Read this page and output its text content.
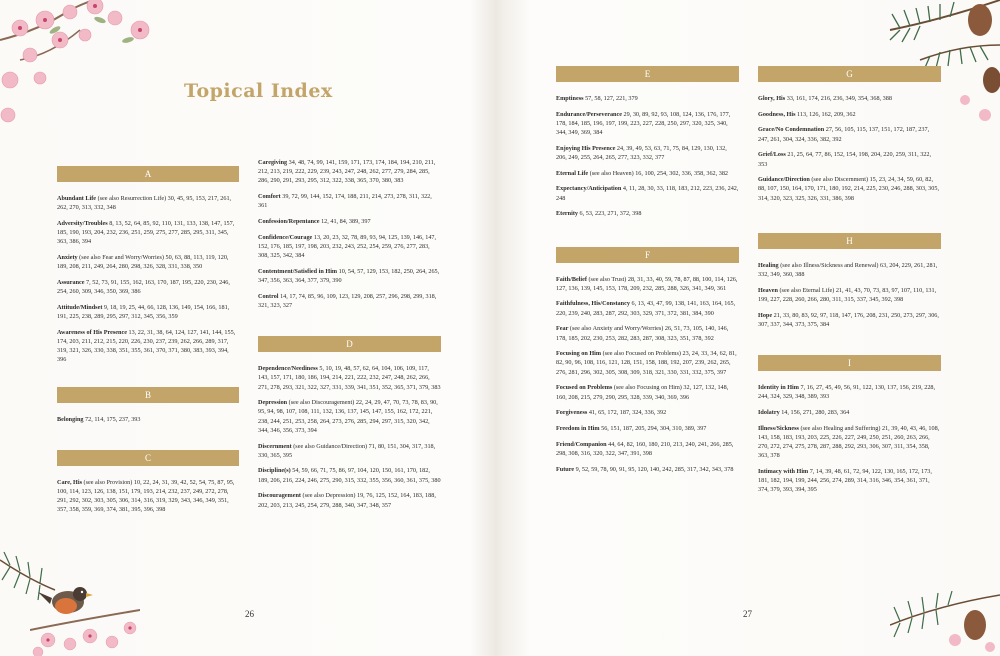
Topical Index
A

Abundant Life (see also Resurrection Life) 30, 45, 95, 153, 217, 261, 262, 270, 313, 332, 348

Adversity/Troubles 8, 13, 52, 64, 85, 92, 110, 131, 133, 138, 147, 157, 185, 190, 193, 204, 232, 236, 251, 259, 275, 277, 285, 295, 311, 345, 363, 386, 394

Anxiety (see also Fear and Worry/Worries) 50, 63, 88, 113, 119, 120, 189, 208, 211, 249, 264, 280, 298, 326, 328, 331, 338, 350

Assurance 7, 52, 73, 91, 155, 162, 163, 170, 187, 195, 220, 230, 246, 254, 260, 309, 346, 350, 369, 386

Attitude/Mindset 9, 18, 19, 25, 44, 66, 128, 136, 149, 154, 166, 181, 191, 225, 238, 289, 295, 297, 312, 345, 356, 359

Awareness of His Presence 13, 22, 31, 38, 64, 124, 127, 141, 144, 155, 174, 203, 211, 212, 215, 220, 226, 230, 237, 239, 262, 266, 289, 317, 319, 321, 326, 330, 338, 351, 355, 361, 370, 371, 380, 383, 393, 394, 396

B

Belonging 72, 114, 175, 237, 393

C

Care, His (see also Provision) 10, 22, 24, 31, 39, 42, 52, 54, 75, 87, 95, 100, 114, 123, 126, 138, 151, 179, 193, 214, 232, 237, 249, 272, 278, 291, 292, 302, 303, 305, 306, 314, 316, 319, 329, 343, 346, 349, 351, 357, 358, 359, 369, 374, 381, 395, 396, 398

Caregiving 34, 48, 74, 99, 141, 159, 171, 173, 174, 184, 194, 210, 211, 212, 213, 219, 222, 229, 239, 243, 247, 248, 262, 277, 279, 284, 285, 286, 290, 291, 293, 295, 312, 322, 338, 365, 370, 380, 383

Comfort 39, 72, 99, 144, 152, 174, 188, 211, 214, 273, 278, 311, 322, 361

Confession/Repentance 12, 41, 84, 389, 397

Confidence/Courage 13, 20, 23, 32, 78, 89, 93, 94, 125, 139, 146, 147, 152, 176, 185, 197, 198, 203, 232, 243, 252, 254, 259, 276, 277, 283, 308, 325, 342, 384

Contentment/Satisfied in Him 10, 54, 57, 129, 153, 182, 250, 264, 265, 347, 356, 363, 364, 377, 379, 390

Control 14, 17, 74, 85, 96, 109, 123, 129, 208, 257, 296, 298, 299, 318, 321, 323, 327

D

Dependence/Neediness 5, 10, 19, 48, 57, 62, 64, 104, 106, 109, 117, 143, 157, 171, 180, 186, 194, 214, 221, 222, 232, 247, 248, 262, 266, 271, 278, 293, 321, 322, 327, 331, 339, 341, 351, 352, 365, 371, 379, 383

Depression (see also Discouragement) 22, 24, 29, 47, 70, 73, 78, 83, 90, 95, 94, 98, 107, 108, 111, 132, 136, 137, 145, 147, 155, 162, 172, 221, 238, 244, 251, 253, 258, 264, 273, 276, 285, 294, 297, 315, 320, 342, 344, 346, 356, 373, 394

Discernment (see also Guidance/Direction) 71, 80, 151, 304, 317, 318, 330, 365, 395

Discipline(s) 54, 59, 66, 71, 75, 86, 97, 104, 120, 150, 161, 170, 182, 189, 206, 216, 224, 246, 275, 290, 315, 332, 355, 356, 360, 361, 375, 380

Discouragement (see also Depression) 19, 76, 125, 152, 164, 183, 188, 202, 203, 213, 245, 254, 279, 288, 340, 347, 348, 357

26
E

Emptiness 57, 58, 127, 221, 379

Endurance/Perseverance 29, 30, 89, 92, 93, 108, 124, 136, 176, 177, 178, 184, 185, 196, 197, 199, 223, 227, 228, 250, 297, 320, 325, 340, 344, 349, 369, 384

Enjoying His Presence 24, 39, 49, 53, 63, 71, 75, 84, 129, 130, 132, 206, 249, 255, 264, 265, 277, 323, 332, 377

Eternal Life (see also Heaven) 16, 100, 254, 302, 336, 358, 362, 382

Expectancy/Anticipation 4, 11, 28, 30, 33, 118, 183, 212, 223, 236, 242, 248

Eternity 6, 53, 223, 271, 372, 398

F

Faith/Belief (see also Trust) 28, 31, 33, 40, 59, 78, 87, 88, 100, 114, 126, 127, 136, 139, 145, 153, 178, 209, 232, 285, 288, 326, 341, 349, 361

Faithfulness, His/Constancy 6, 13, 43, 47, 99, 138, 141, 163, 164, 165, 220, 239, 240, 283, 287, 292, 303, 329, 371, 372, 381, 384, 390

Fear (see also Anxiety and Worry/Worries) 26, 51, 73, 105, 140, 146, 178, 185, 202, 230, 253, 282, 283, 287, 308, 323, 351, 378, 392

Focusing on Him (see also Focused on Problems) 23, 24, 33, 34, 62, 81, 82, 90, 96, 108, 116, 121, 128, 151, 158, 188, 192, 207, 239, 262, 265, 276, 281, 296, 302, 305, 308, 309, 318, 321, 330, 331, 332, 375, 397

Focused on Problems (see also Focusing on Him) 32, 127, 132, 148, 160, 208, 215, 279, 290, 295, 328, 339, 340, 369, 396

Forgiveness 41, 65, 172, 187, 324, 336, 392

Freedom in Him 56, 151, 187, 205, 294, 304, 310, 389, 397

Friend/Companion 44, 64, 82, 160, 180, 210, 213, 240, 241, 266, 285, 298, 308, 316, 320, 322, 347, 391, 398

Future 9, 52, 59, 78, 90, 91, 95, 120, 140, 242, 285, 317, 342, 343, 378

G

Glory, His 33, 161, 174, 216, 236, 349, 354, 368, 388

Goodness, His 113, 126, 162, 209, 362

Grace/No Condemnation 27, 56, 105, 115, 137, 151, 172, 187, 237, 247, 261, 304, 324, 336, 382, 392

Grief/Loss 21, 25, 64, 77, 86, 152, 154, 198, 204, 220, 259, 311, 322, 353

Guidance/Direction (see also Discernment) 15, 23, 24, 34, 59, 60, 82, 88, 107, 150, 164, 170, 171, 180, 192, 214, 225, 230, 246, 288, 303, 305, 314, 320, 323, 325, 326, 331, 386, 398

H

Healing (see also Illness/Sickness and Renewal) 63, 204, 229, 261, 281, 332, 349, 360, 388

Heaven (see also Eternal Life) 21, 41, 43, 70, 73, 83, 97, 107, 110, 131, 199, 227, 228, 260, 266, 280, 311, 315, 337, 345, 392, 398

Hope 21, 33, 80, 83, 92, 97, 118, 147, 176, 208, 231, 250, 273, 297, 306, 307, 337, 344, 373, 375, 384

I

Identity in Him 7, 16, 27, 45, 49, 56, 91, 122, 130, 137, 156, 219, 228, 244, 324, 329, 348, 389, 393

Idolatry 14, 156, 271, 280, 283, 364

Illness/Sickness (see also Healing and Suffering) 21, 39, 40, 43, 46, 108, 143, 158, 183, 193, 203, 225, 226, 227, 249, 250, 251, 260, 263, 266, 270, 272, 274, 275, 278, 287, 288, 292, 293, 306, 307, 311, 354, 358, 363, 378

Intimacy with Him 7, 14, 39, 48, 61, 72, 94, 122, 130, 165, 172, 173, 181, 182, 194, 199, 244, 256, 274, 289, 314, 316, 346, 354, 361, 371, 374, 379, 393, 394, 395

27
